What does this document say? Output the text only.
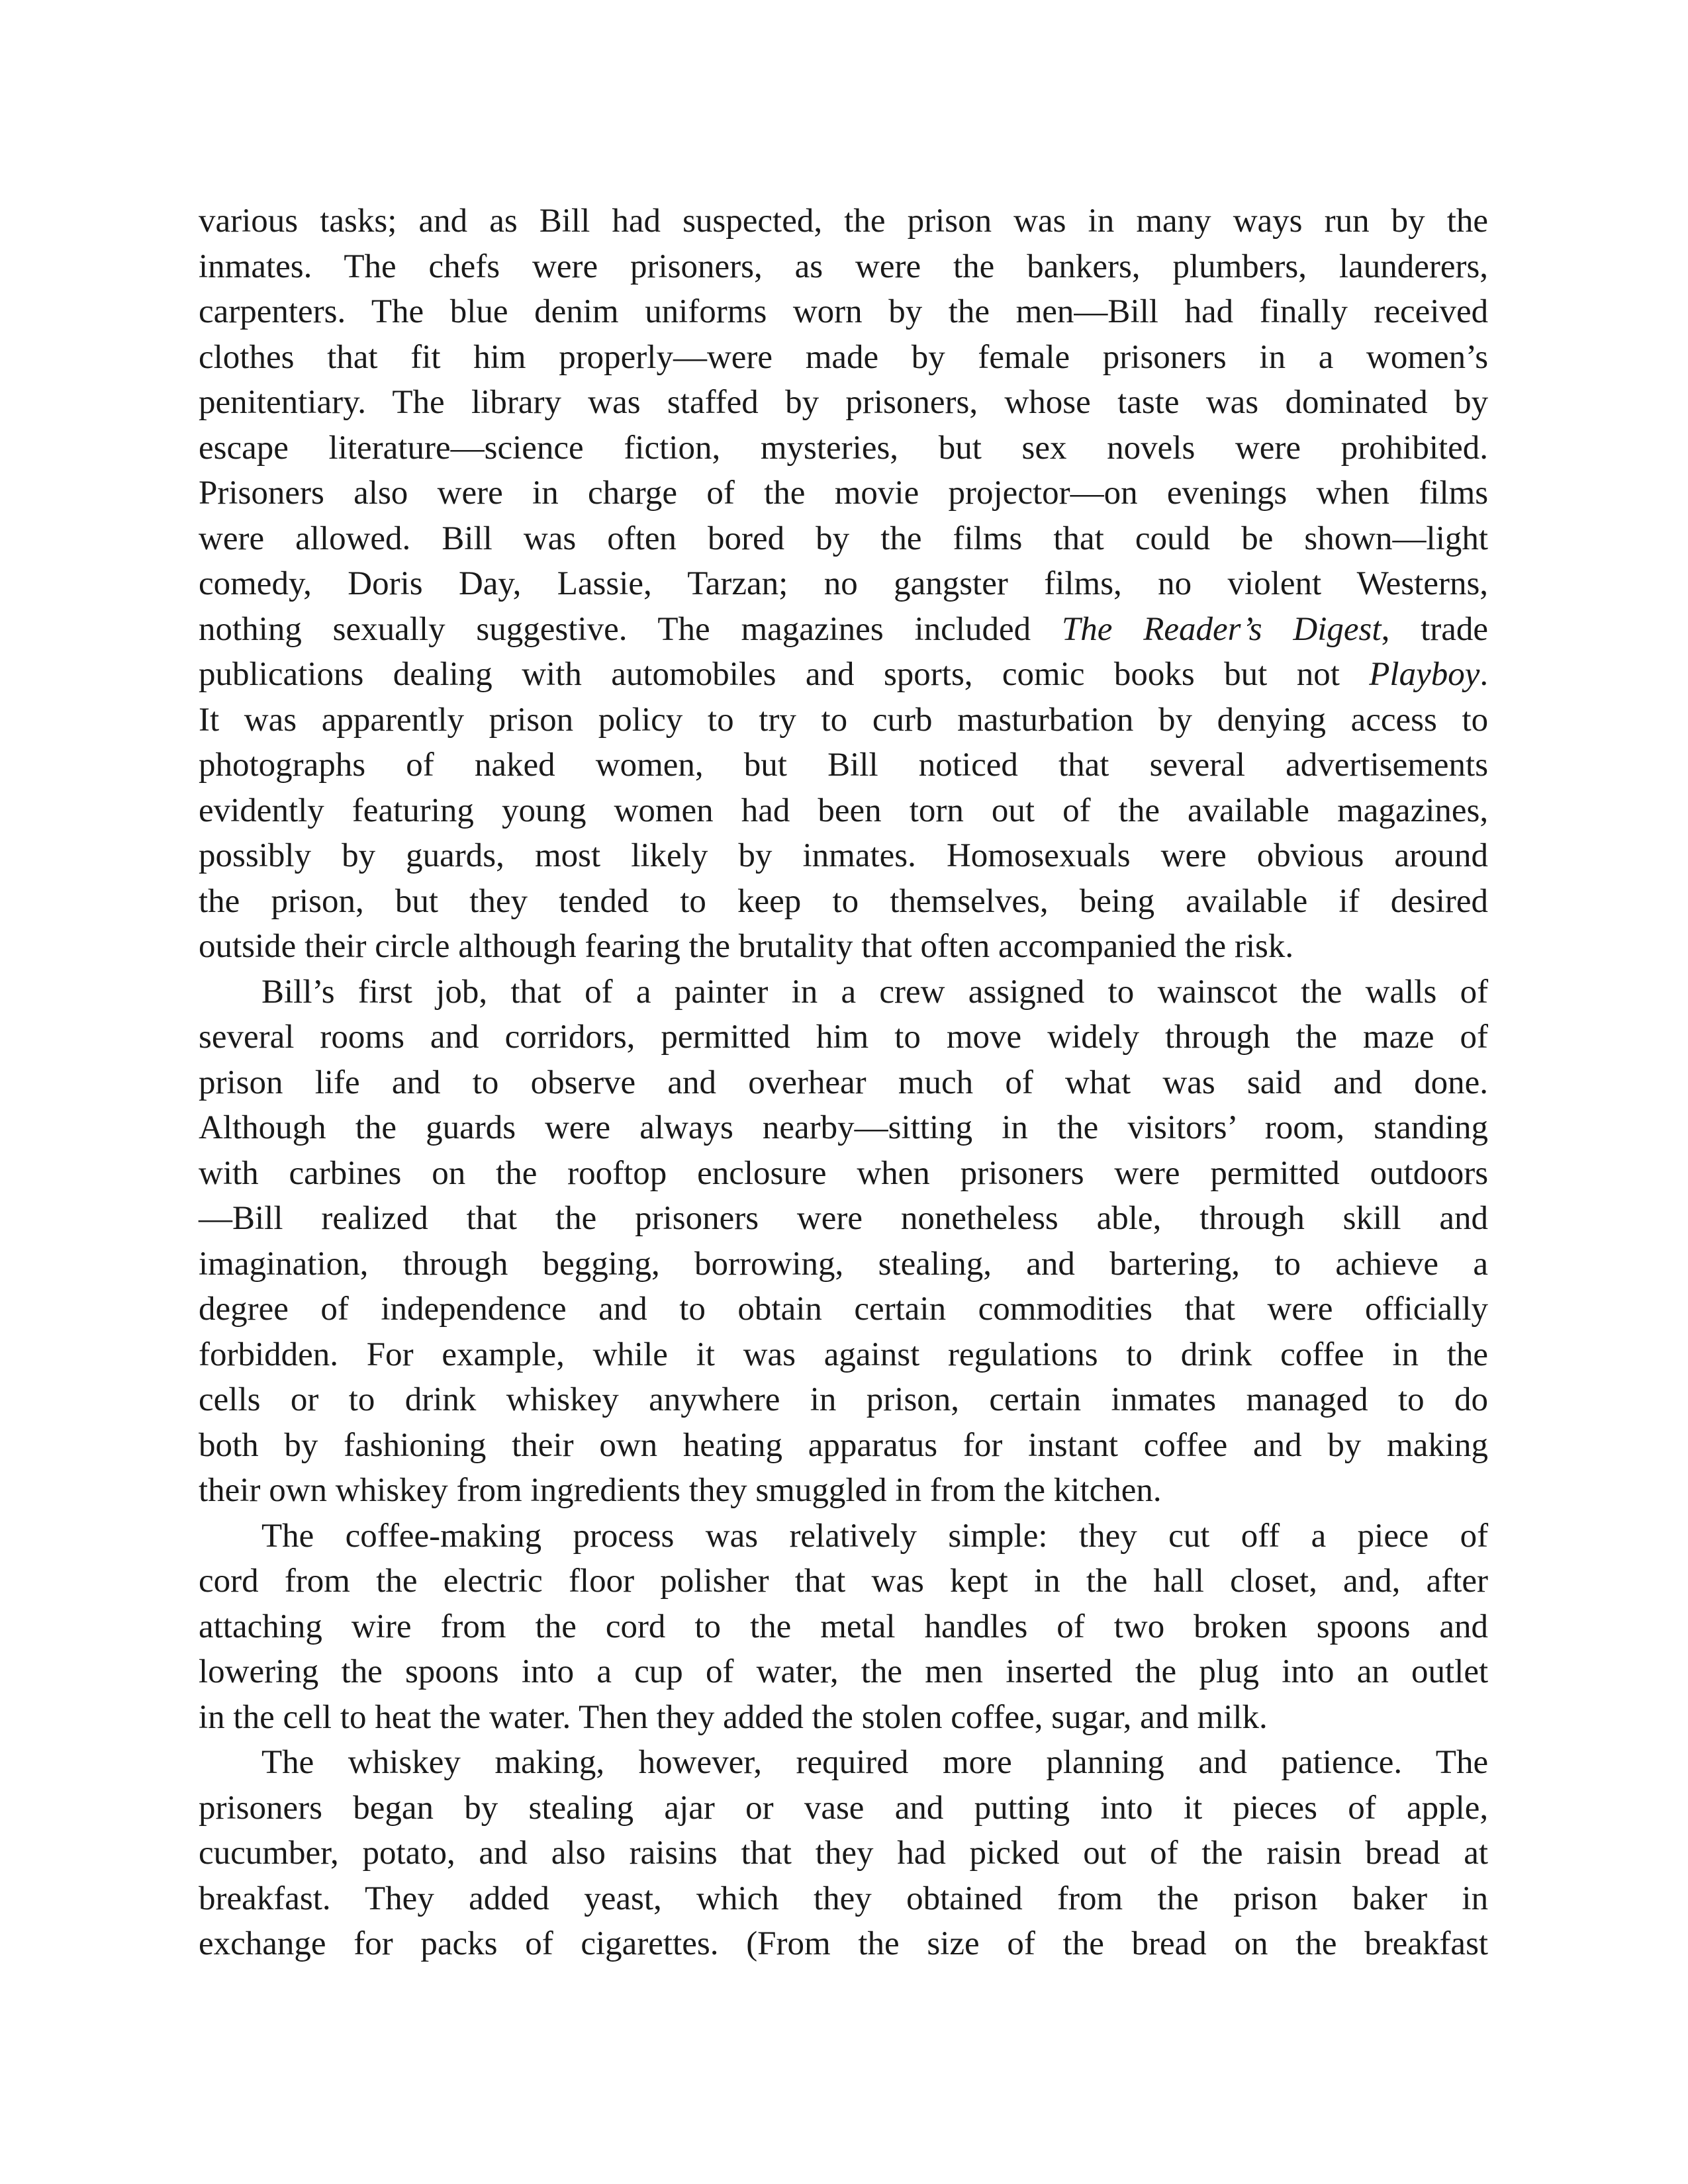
various tasks; and as Bill had suspected, the prison was in many ways run by the
inmates. The chefs were prisoners, as were the bankers, plumbers, launderers,
carpenters. The blue denim uniforms worn by the men—Bill had finally received
clothes that fit him properly—were made by female prisoners in a women’s
penitentiary. The library was staffed by prisoners, whose taste was dominated by
escape literature—science fiction, mysteries, but sex novels were prohibited.
Prisoners also were in charge of the movie projector—on evenings when films
were allowed. Bill was often bored by the films that could be shown—light
comedy, Doris Day, Lassie, Tarzan; no gangster films, no violent Westerns,
nothing sexually suggestive. The magazines included The Reader’s Digest, trade
publications dealing with automobiles and sports, comic books but not Playboy.
It was apparently prison policy to try to curb masturbation by denying access to
photographs of naked women, but Bill noticed that several advertisements
evidently featuring young women had been torn out of the available magazines,
possibly by guards, most likely by inmates. Homosexuals were obvious around
the prison, but they tended to keep to themselves, being available if desired
outside their circle although fearing the brutality that often accompanied the risk.
Bill’s first job, that of a painter in a crew assigned to wainscot the walls of
several rooms and corridors, permitted him to move widely through the maze of
prison life and to observe and overhear much of what was said and done.
Although the guards were always nearby—sitting in the visitors’ room, standing
with carbines on the rooftop enclosure when prisoners were permitted outdoors
—Bill realized that the prisoners were nonetheless able, through skill and
imagination, through begging, borrowing, stealing, and bartering, to achieve a
degree of independence and to obtain certain commodities that were officially
forbidden. For example, while it was against regulations to drink coffee in the
cells or to drink whiskey anywhere in prison, certain inmates managed to do
both by fashioning their own heating apparatus for instant coffee and by making
their own whiskey from ingredients they smuggled in from the kitchen.
The coffee-making process was relatively simple: they cut off a piece of
cord from the electric floor polisher that was kept in the hall closet, and, after
attaching wire from the cord to the metal handles of two broken spoons and
lowering the spoons into a cup of water, the men inserted the plug into an outlet
in the cell to heat the water. Then they added the stolen coffee, sugar, and milk.
The whiskey making, however, required more planning and patience. The
prisoners began by stealing ajar or vase and putting into it pieces of apple,
cucumber, potato, and also raisins that they had picked out of the raisin bread at
breakfast. They added yeast, which they obtained from the prison baker in
exchange for packs of cigarettes. (From the size of the bread on the breakfast
